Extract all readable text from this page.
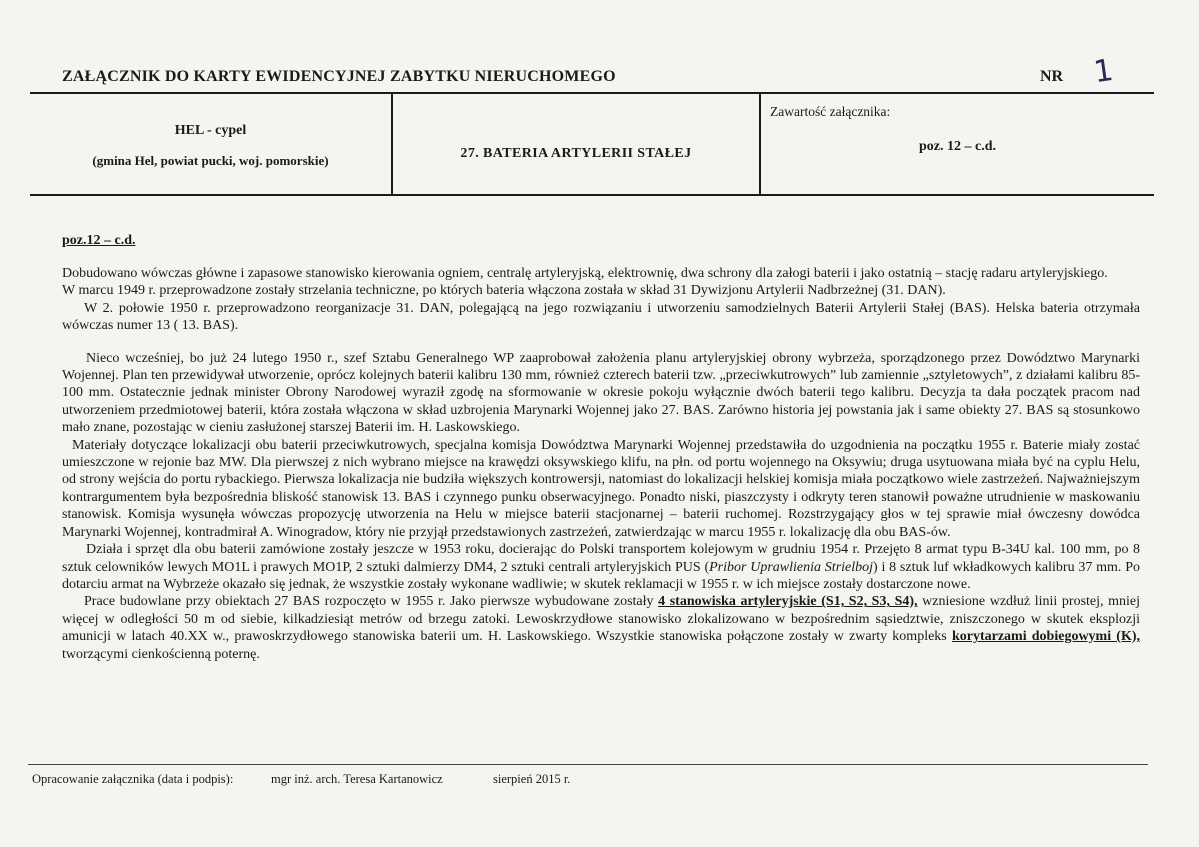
ZAŁĄCZNIK DO KARTY EWIDENCYJNEJ ZABYTKU NIERUCHOMEGO	NR 1
HEL - cypel
(gmina Hel, powiat pucki, woj. pomorskie)	27. BATERIA ARTYLERII STAŁEJ
Zawartość załącznika:
poz. 12 – c.d.
poz.12 – c.d.

Dobudowano wówczas główne i zapasowe stanowisko kierowania ogniem, centralę artyleryjską, elektrownię, dwa schrony dla załogi baterii i jako ostatnią – stację radaru artyleryjskiego.

W marcu 1949 r. przeprowadzone zostały strzelania techniczne, po których bateria włączona została w skład 31 Dywizjonu Artylerii Nadbrzeżnej (31. DAN).

W 2. połowie 1950 r. przeprowadzono reorganizacje 31. DAN, polegającą na jego rozwiązaniu i utworzeniu samodzielnych Baterii Artylerii Stałej (BAS). Helska bateria otrzymała wówczas numer 13 ( 13. BAS).

Nieco wcześniej, bo już 24 lutego 1950 r., szef Sztabu Generalnego WP zaaprobował założenia planu artyleryjskiej obrony wybrzeża, sporządzonego przez Dowództwo Marynarki Wojennej. Plan ten przewidywał utworzenie, oprócz kolejnych baterii kalibru 130 mm, również czterech baterii tzw. „przeciwkutrowych” lub zamiennie „sztyletowych”, z działami kalibru 85-100 mm. Ostatecznie jednak minister Obrony Narodowej wyraził zgodę na sformowanie w okresie pokoju wyłącznie dwóch baterii tego kalibru. Decyzja ta dała początek pracom nad utworzeniem przedmiotowej baterii, która została włączona w skład uzbrojenia Marynarki Wojennej jako 27. BAS. Zarówno historia jej powstania jak i same obiekty 27. BAS są stosunkowo mało znane, pozostając w cieniu zasłużonej starszej Baterii im. H. Laskowskiego.

Materiały dotyczące lokalizacji obu baterii przeciwkutrowych, specjalna komisja Dowództwa Marynarki Wojennej przedstawiła do uzgodnienia na początku 1955 r. Baterie miały zostać umieszczone w rejonie baz MW. Dla pierwszej z nich wybrano miejsce na krawędzi oksywskiego klifu, na płn. od portu wojennego na Oksywiu; druga usytuowana miała być na cyplu Helu, od strony wejścia do portu rybackiego. Pierwsza lokalizacja nie budziła większych kontrowersji, natomiast do lokalizacji helskiej komisja miała początkowo wiele zastrzeżeń. Najważniejszym kontrargumentem była bezpośrednia bliskość stanowisk 13. BAS i czynnego punku obserwacyjnego. Ponadto niski, piaszczysty i odkryty teren stanowił poważne utrudnienie w maskowaniu stanowisk. Komisja wysunęła wówczas propozycję utworzenia na Helu w miejsce baterii stacjonarnej – baterii ruchomej. Rozstrzygający głos w tej sprawie miał ówczesny dowódca Marynarki Wojennej, kontradmirał A. Winogradow, który nie przyjął przedstawionych zastrzeżeń, zatwierdzając w marcu 1955 r. lokalizację dla obu BAS-ów.

Działa i sprzęt dla obu baterii zamówione zostały jeszcze w 1953 roku, docierając do Polski transportem kolejowym w grudniu 1954 r. Przejęto 8 armat typu B-34U kal. 100 mm, po 8 sztuk celowników lewych MO1L i prawych MO1P, 2 sztuki dalmierzy DM4, 2 sztuki centrali artyleryjskich PUS (Pribor Uprawlienia Strielboj) i 8 sztuk luf wkładkowych kalibru 37 mm. Po dotarciu armat na Wybrzeże okazało się jednak, że wszystkie zostały wykonane wadliwie; w skutek reklamacji w 1955 r. w ich miejsce zostały dostarczone nowe.

Prace budowlane przy obiektach 27 BAS rozpoczęto w 1955 r. Jako pierwsze wybudowane zostały 4 stanowiska artyleryjskie (S1, S2, S3, S4), wzniesione wzdłuż linii prostej, mniej więcej w odległości 50 m od siebie, kilkadziesiąt metrów od brzegu zatoki. Lewoskrzydłowe stanowisko zlokalizowano w bezpośrednim sąsiedztwie, zniszczonego w skutek eksplozji amunicji w latach 40.XX w., prawoskrzydłowego stanowiska baterii um. H. Laskowskiego. Wszystkie stanowiska połączone zostały w zwarty kompleks korytarzami dobiegowymi (K), tworzącymi cienkościenną poternę.

Opracowanie załącznika (data i podpis):	mgr inż. arch. Teresa Kartanowicz	sierpień 2015 r.
